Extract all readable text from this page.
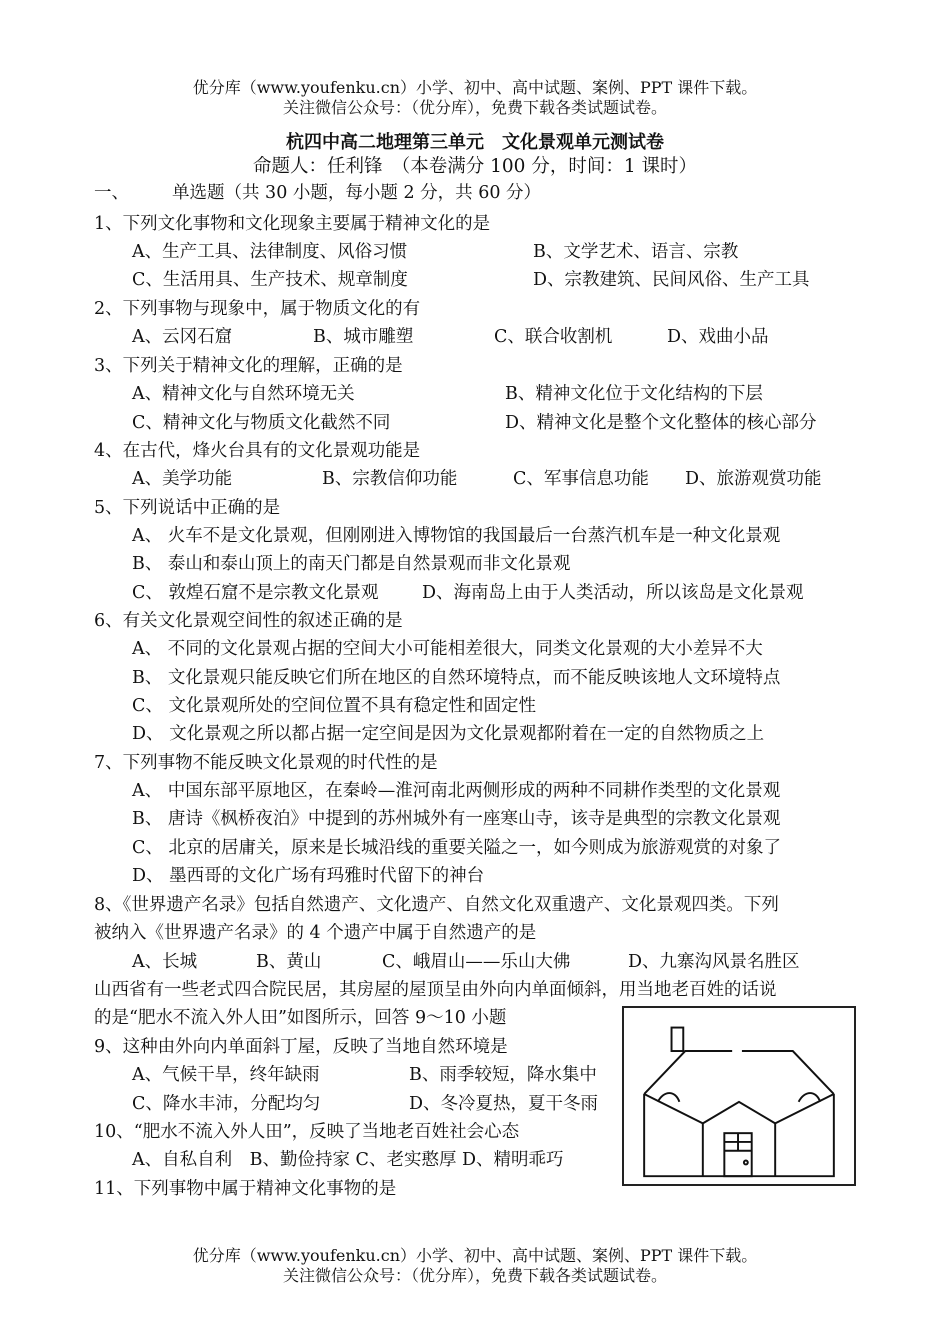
优分库（www.youfenku.cn）小学、初中、高中试题、案例、PPT 课件下载。
关注微信公众号：（优分库），免费下载各类试题试卷。
杭四中高二地理第三单元　文化景观单元测试卷
命题人：任利锋　（本卷满分 100 分，时间：1 课时）
一、 单选题（共 30 小题，每小题 2 分，共 60 分）
1、下列文化事物和文化现象主要属于精神文化的是
A、生产工具、法律制度、风俗习惯	B、文学艺术、语言、宗教
C、生活用具、生产技术、规章制度	D、宗教建筑、民间风俗、生产工具
2、下列事物与现象中，属于物质文化的有
A、云冈石窟	B、城市雕塑	C、联合收割机	D、戏曲小品
3、下列关于精神文化的理解，正确的是
A、精神文化与自然环境无关	B、精神文化位于文化结构的下层
C、精神文化与物质文化截然不同	D、精神文化是整个文化整体的核心部分
4、在古代，烽火台具有的文化景观功能是
A、美学功能	B、宗教信仰功能	C、军事信息功能 D、旅游观赏功能
5、下列说话中正确的是
A、 火车不是文化景观，但刚刚进入博物馆的我国最后一台蒸汽机车是一种文化景观
B、 泰山和泰山顶上的南天门都是自然景观而非文化景观
C、 敦煌石窟不是宗教文化景观 D、海南岛上由于人类活动，所以该岛是文化景观
6、有关文化景观空间性的叙述正确的是
A、 不同的文化景观占据的空间大小可能相差很大，同类文化景观的大小差异不大
B、 文化景观只能反映它们所在地区的自然环境特点，而不能反映该地人文环境特点
C、 文化景观所处的空间位置不具有稳定性和固定性
D、 文化景观之所以都占据一定空间是因为文化景观都附着在一定的自然物质之上
7、下列事物不能反映文化景观的时代性的是
A、 中国东部平原地区，在秦岭—淮河南北两侧形成的两种不同耕作类型的文化景观
B、 唐诗《枫桥夜泊》中提到的苏州城外有一座寒山寺，该寺是典型的宗教文化景观
C、 北京的居庸关，原来是长城沿线的重要关隘之一，如今则成为旅游观赏的对象了
D、 墨西哥的文化广场有玛雅时代留下的神台
8、《世界遗产名录》包括自然遗产、文化遗产、自然文化双重遗产、文化景观四类。下列
被纳入《世界遗产名录》的 4 个遗产中属于自然遗产的是
A、长城	B、黄山	C、峨眉山——乐山大佛	D、九寨沟风景名胜区
山西省有一些老式四合院民居，其房屋的屋顶呈由外向内单面倾斜，用当地老百姓的话说
的是“肥水不流入外人田”如图所示，回答 9～10 小题
9、这种由外向内单面斜丁屋，反映了当地自然环境是
A、气候干旱，终年缺雨	B、雨季较短，降水集中
C、降水丰沛，分配均匀	D、冬冷夏热，夏干冬雨
10、“肥水不流入外人田”，反映了当地老百姓社会心态
A、自私自利　B、勤俭持家 C、老实憨厚 D、精明乖巧
11、下列事物中属于精神文化事物的是
优分库（www.youfenku.cn）小学、初中、高中试题、案例、PPT 课件下载。
关注微信公众号：（优分库），免费下载各类试题试卷。
